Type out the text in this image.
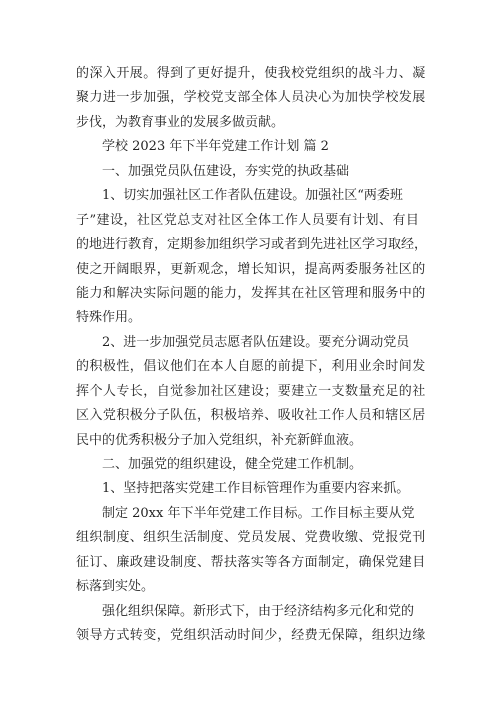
的深入开展。得到了更好提升，使我校党组织的战斗力、凝
聚力进一步加强，学校党支部全体人员决心为加快学校发展
步伐，为教育事业的发展多做贡献。
学校 2023 年下半年党建工作计划 篇 2
一、加强党员队伍建设，夯实党的执政基础
1、切实加强社区工作者队伍建设。加强社区“两委班
子”建设，社区党总支对社区全体工作人员要有计划、有目
的地进行教育，定期参加组织学习或者到先进社区学习取经，
使之开阔眼界，更新观念，增长知识，提高两委服务社区的
能力和解决实际问题的能力，发挥其在社区管理和服务中的
特殊作用。
2、进一步加强党员志愿者队伍建设。要充分调动党员
的积极性，倡议他们在本人自愿的前提下，利用业余时间发
挥个人专长，自觉参加社区建设；要建立一支数量充足的社
区入党积极分子队伍，积极培养、吸收社工作人员和辖区居
民中的优秀积极分子加入党组织，补充新鲜血液。
二、加强党的组织建设，健全党建工作机制。
1、坚持把落实党建工作目标管理作为重要内容来抓。
制定 20xx 年下半年党建工作目标。工作目标主要从党
组织制度、组织生活制度、党员发展、党费收缴、党报党刊
征订、廉政建设制度、帮扶落实等各方面制定，确保党建目
标落到实处。
强化组织保障。新形式下，由于经济结构多元化和党的
领导方式转变，党组织活动时间少，经费无保障，组织边缘
